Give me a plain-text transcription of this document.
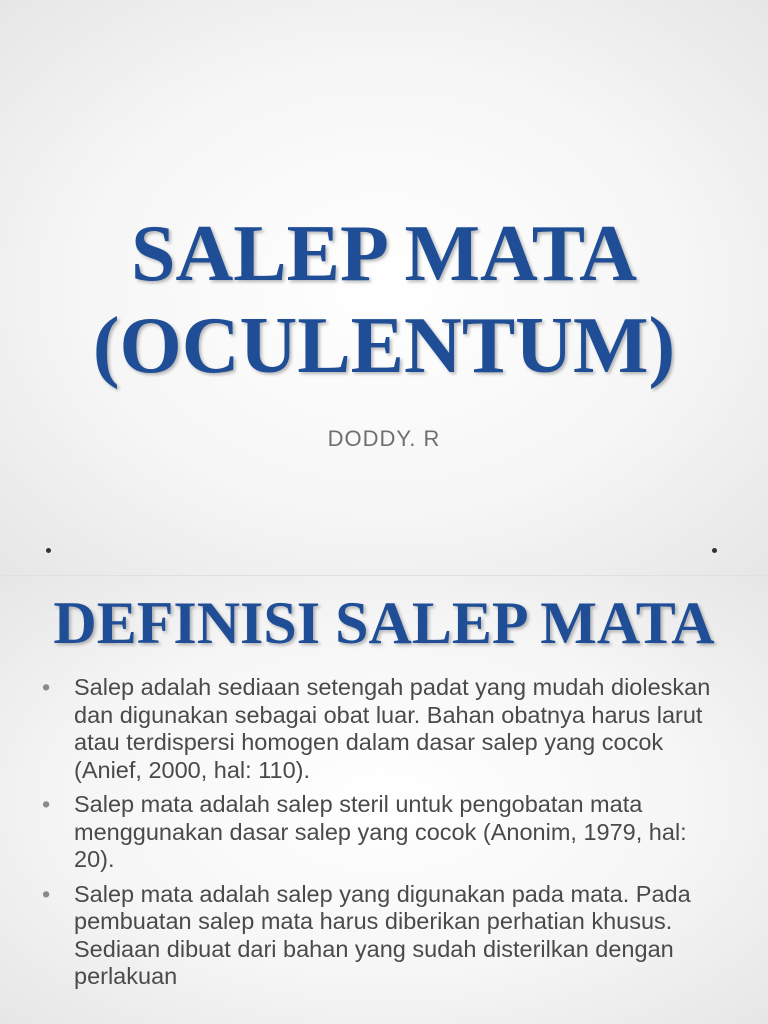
SALEP MATA
(OCULENTUM)
DODDY. R
DEFINISI SALEP MATA
• Salep adalah sediaan setengah padat yang mudah dioleskan dan digunakan sebagai obat luar. Bahan obatnya harus larut atau terdispersi homogen dalam dasar salep yang cocok (Anief, 2000, hal: 110).
• Salep mata adalah salep steril untuk pengobatan mata menggunakan dasar salep yang cocok (Anonim, 1979, hal: 20).
• Salep mata adalah salep yang digunakan pada mata. Pada pembuatan salep mata harus diberikan perhatian khusus. Sediaan dibuat dari bahan yang sudah disterilkan dengan perlakuan
